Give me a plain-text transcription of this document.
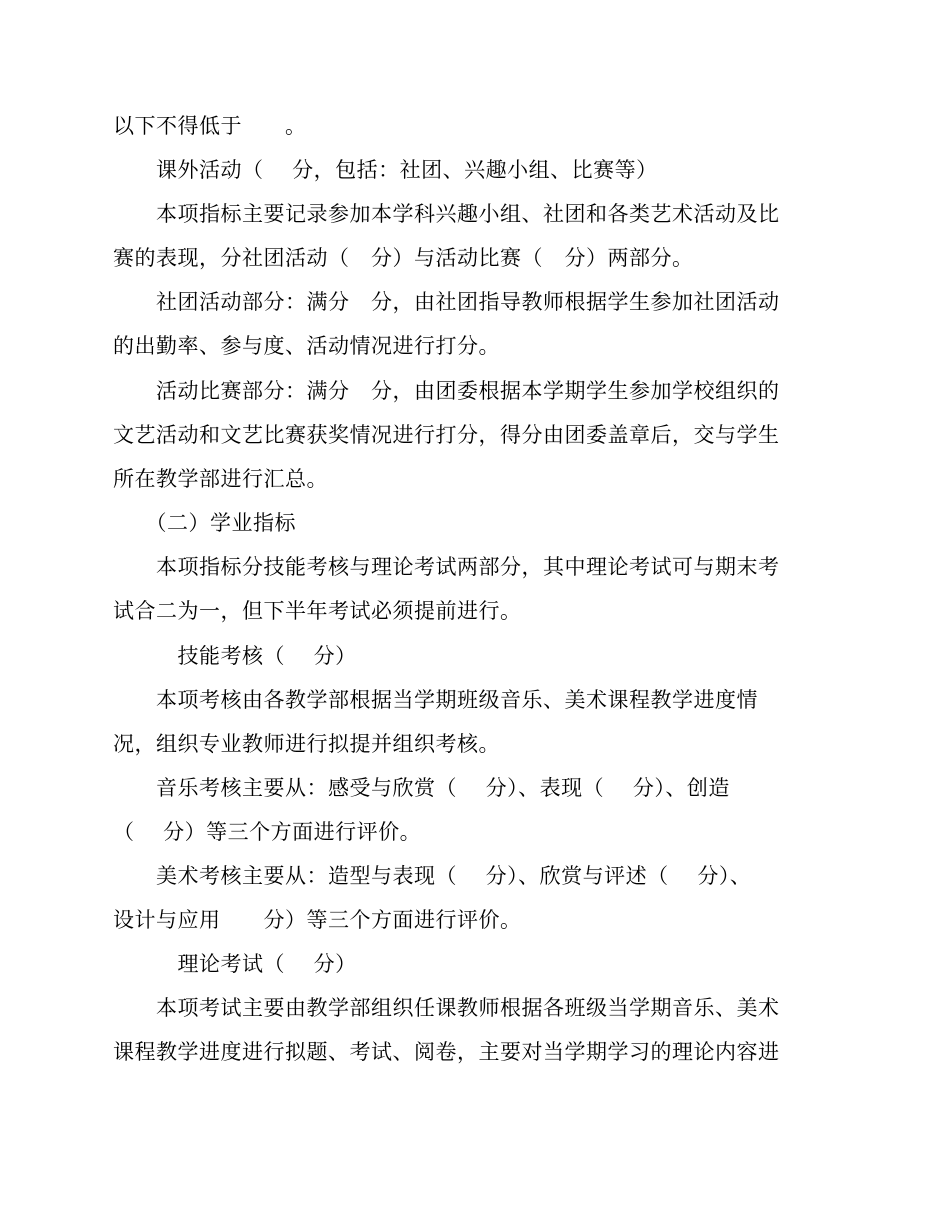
以下不得低于　　。
　　课外活动（　 分，包括：社团、兴趣小组、比赛等）
　　本项指标主要记录参加本学科兴趣小组、社团和各类艺术活动及比
赛的表现，分社团活动（　分）与活动比赛（　分）两部分。
　　社团活动部分：满分　分，由社团指导教师根据学生参加社团活动
的出勤率、参与度、活动情况进行打分。
　　活动比赛部分：满分　分，由团委根据本学期学生参加学校组织的
文艺活动和文艺比赛获奖情况进行打分，得分由团委盖章后，交与学生
所在教学部进行汇总。
　　（二）学业指标
　　本项指标分技能考核与理论考试两部分，其中理论考试可与期末考
试合二为一，但下半年考试必须提前进行。
　　　技能考核（　 分）
　　本项考核由各教学部根据当学期班级音乐、美术课程教学进度情
况，组织专业教师进行拟提并组织考核。
　　音乐考核主要从：感受与欣赏（　 分）、表现（　 分）、创造
（　 分）等三个方面进行评价。
　　美术考核主要从：造型与表现（　 分）、欣赏与评述（　 分）、
设计与应用　　分）等三个方面进行评价。
　　　理论考试（　 分）
　　本项考试主要由教学部组织任课教师根据各班级当学期音乐、美术
课程教学进度进行拟题、考试、阅卷，主要对当学期学习的理论内容进
